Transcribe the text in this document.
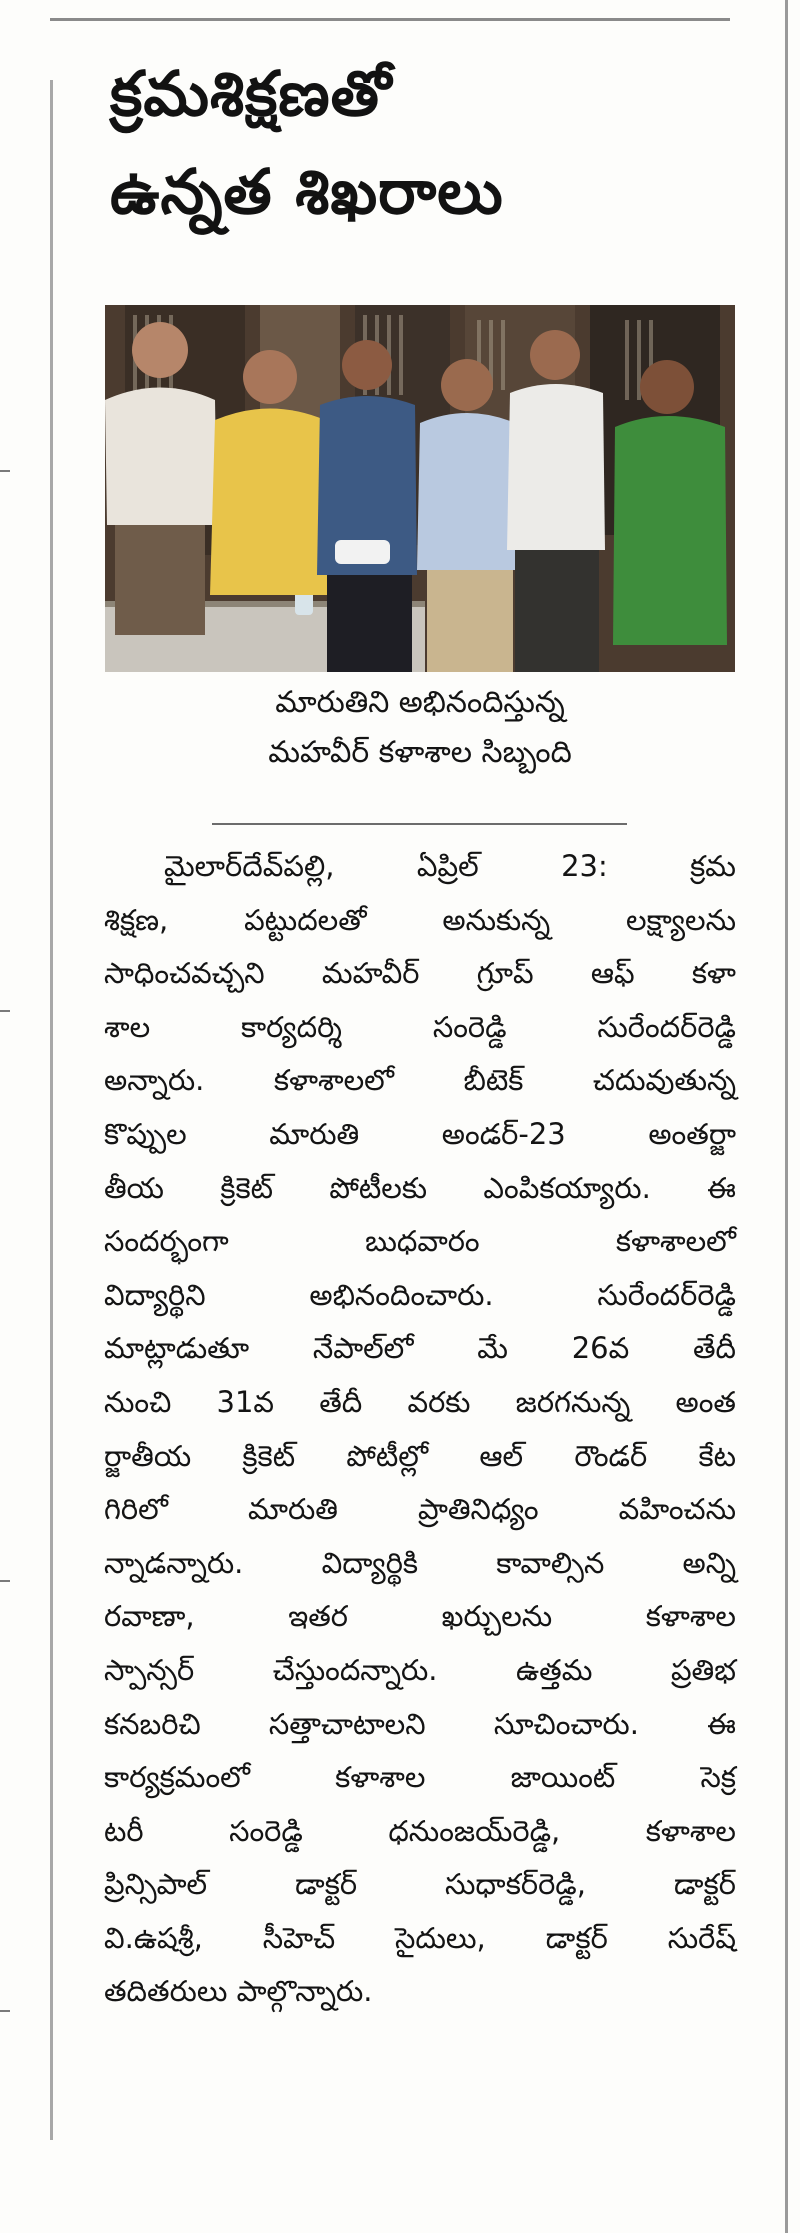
క్రమశిక్షణతో
ఉన్నత శిఖరాలు
మారుతిని అభినందిస్తున్న
మహవీర్ కళాశాల సిబ్బంది
మైలార్‌దేవ్‌పల్లి, ఏప్రిల్ 23: క్రమ
శిక్షణ, పట్టుదలతో అనుకున్న లక్ష్యాలను
సాధించవచ్చని మహవీర్ గ్రూప్ ఆఫ్ కళా
శాల కార్యదర్శి సంరెడ్డి సురేందర్‌రెడ్డి
అన్నారు. కళాశాలలో బీటెక్ చదువుతున్న
కొప్పుల మారుతి అండర్-23 అంతర్జా
తీయ క్రికెట్ పోటీలకు ఎంపికయ్యారు. ఈ
సందర్భంగా బుధవారం కళాశాలలో
విద్యార్థిని అభినందించారు. సురేందర్‌రెడ్డి
మాట్లాడుతూ నేపాల్‌లో మే 26వ తేదీ
నుంచి 31వ తేదీ వరకు జరగనున్న అంత
ర్జాతీయ క్రికెట్ పోటీల్లో ఆల్ రౌండర్ కేట
గిరిలో మారుతి ప్రాతినిధ్యం వహించను
న్నాడన్నారు. విద్యార్థికి కావాల్సిన అన్ని
రవాణా, ఇతర ఖర్చులను కళాశాల
స్పాన్సర్ చేస్తుందన్నారు. ఉత్తమ ప్రతిభ
కనబరిచి సత్తాచాటాలని సూచించారు. ఈ
కార్యక్రమంలో కళాశాల జాయింట్ సెక్ర
టరీ సంరెడ్డి ధనుంజయ్‌రెడ్డి, కళాశాల
ప్రిన్సిపాల్ డాక్టర్ సుధాకర్‌రెడ్డి, డాక్టర్
వి.ఉషశ్రీ, సీహెచ్ సైదులు, డాక్టర్ సురేష్
తదితరులు పాల్గొన్నారు.
